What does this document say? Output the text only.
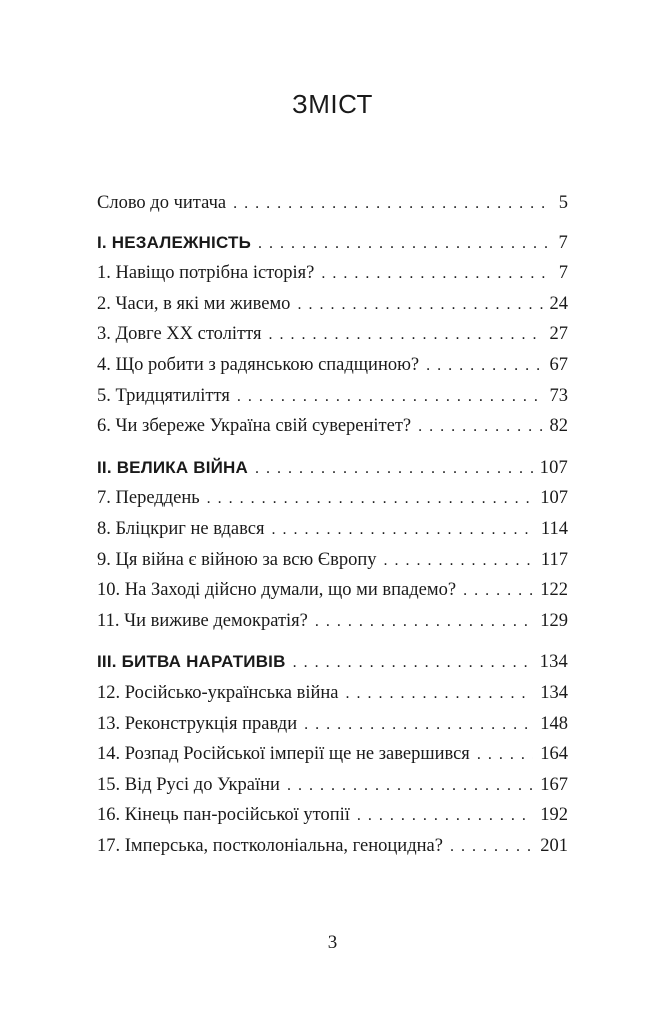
ЗМІСТ
Слово до читача . . .	5
I. НЕЗАЛЕЖНІСТЬ . . .	7
1. Навіщо потрібна історія? . . .	7
2. Часи, в які ми живемо . . .	24
3. Довге XX століття . . .	27
4. Що робити з радянською спадщиною? . . .	67
5. Тридцятиліття . . .	73
6. Чи збереже Україна свій суверенітет? . . .	82
II. ВЕЛИКА ВІЙНА . . .	107
7. Переддень . . .	107
8. Бліцкриг не вдався . . .	114
9. Ця війна є війною за всю Європу . . .	117
10. На Заході дійсно думали, що ми впадемо? . . .	122
11. Чи виживе демократія? . . .	129
III. БИТВА НАРАТИВІВ . . .	134
12. Російсько-українська війна . . .	134
13. Реконструкція правди . . .	148
14. Розпад Російської імперії ще не завершився . . .	164
15. Від Русі до України . . .	167
16. Кінець пан-російської утопії . . .	192
17. Імперська, постколоніальна, геноцидна? . . .	201
3
